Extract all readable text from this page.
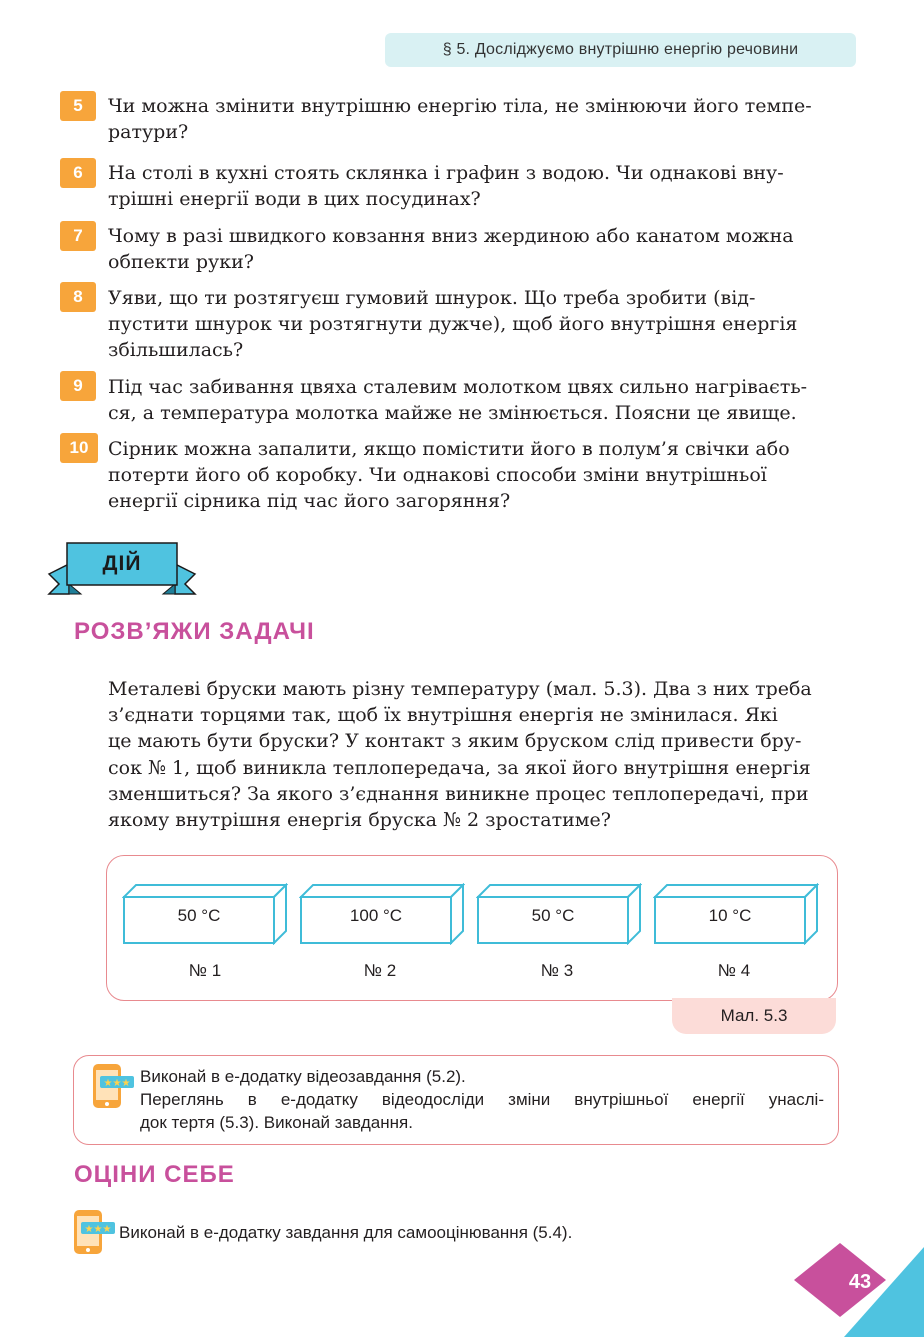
§ 5. Досліджуємо внутрішню енергію речовини
5	Чи можна змінити внутрішню енергію тіла, не змінюючи його темпе-
ратури?
6	На столі в кухні стоять склянка і графин з водою. Чи однакові вну-
трішні енергії води в цих посудинах?
7	Чому в разі швидкого ковзання вниз жердиною або канатом можна
обпекти руки?
8	Уяви, що ти розтягуєш гумовий шнурок. Що треба зробити (від-
пустити шнурок чи розтягнути дужче), щоб його внутрішня енергія
збільшилась?
9	Під час забивання цвяха сталевим молотком цвях сильно нагріваєть-
ся, а температура молотка майже не змінюється. Поясни це явище.
10	Сірник можна запалити, якщо помістити його в полум’я свічки або
потерти його об коробку. Чи однакові способи зміни внутрішньої
енергії сірника під час його загоряння?
ДІЙ
РОЗВ’ЯЖИ ЗАДАЧІ
Металеві бруски мають різну температуру (мал. 5.3). Два з них треба
з’єднати торцями так, щоб їх внутрішня енергія не змінилася. Які
це мають бути бруски? У контакт з яким бруском слід привести бру-
сок № 1, щоб виникла теплопередача, за якої його внутрішня енергія
зменшиться? За якого з’єднання виникне процес теплопередачі, при
якому внутрішня енергія бруска № 2 зростатиме?
50 °C	100 °C	50 °C	10 °C
№ 1	№ 2	№ 3	№ 4
Мал. 5.3
★★★ Виконай в е-додатку відеозавдання (5.2).
Переглянь в е-додатку відеодосліди зміни внутрішньої енергії унаслі-
док тертя (5.3). Виконай завдання.
ОЦІНИ СЕБЕ
★★★ Виконай в е-додатку завдання для самооцінювання (5.4).
43
